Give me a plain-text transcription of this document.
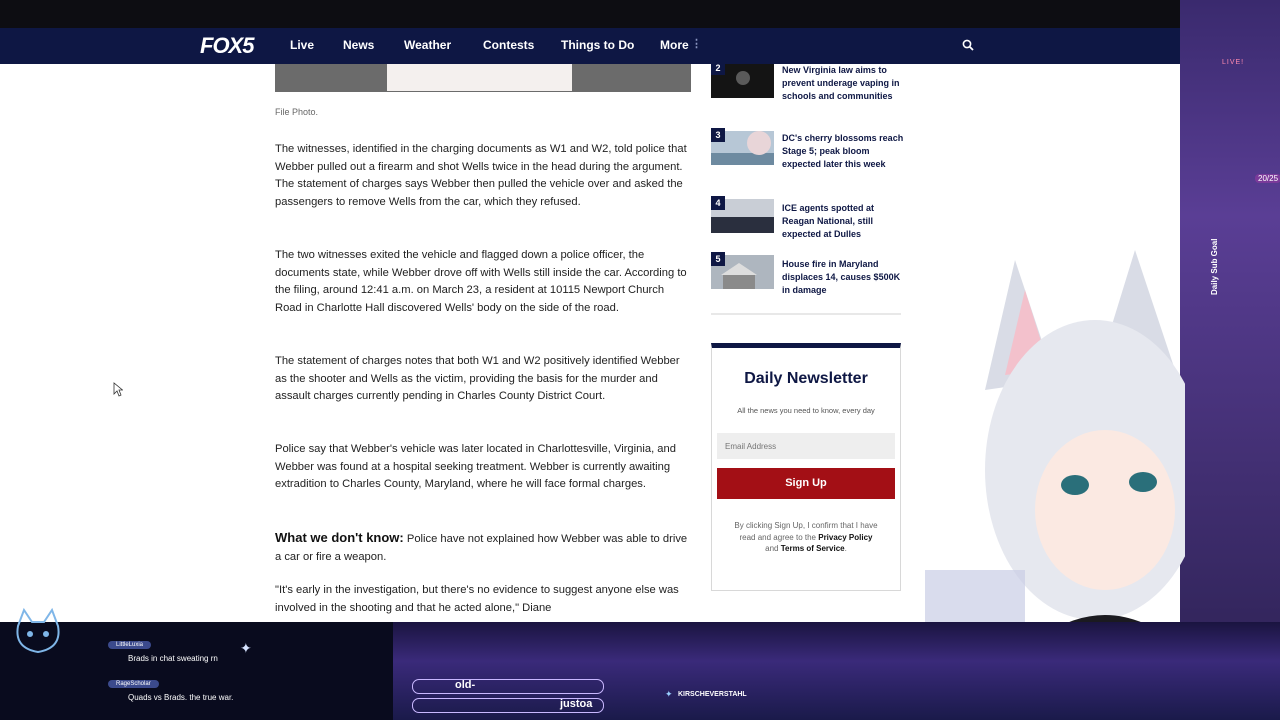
FOX5	Live News Weather	Contests Things to Do More ⋮
File Photo.

The witnesses, identified in the charging documents as W1 and W2, told police that Webber pulled out a firearm and shot Wells twice in the head during the argument. The statement of charges says Webber then pulled the vehicle over and asked the passengers to remove Wells from the car, which they refused.

The two witnesses exited the vehicle and flagged down a police officer, the documents state, while Webber drove off with Wells still inside the car. According to the filing, around 12:41 a.m. on March 23, a resident at 10115 Newport Church Road in Charlotte Hall discovered Wells' body on the side of the road.

The statement of charges notes that both W1 and W2 positively identified Webber as the shooter and Wells as the victim, providing the basis for the murder and assault charges currently pending in Charles County District Court.

Police say that Webber's vehicle was later located in Charlottesville, Virginia, and Webber was found at a hospital seeking treatment. Webber is currently awaiting extradition to Charles County, Maryland, where he will face formal charges.

What we don't know: Police have not explained how Webber was able to drive a car or fire a weapon.

"It's early in the investigation, but there's no evidence to suggest anyone else was involved in the shooting and that he acted alone," Diane

2	New Virginia law aims to prevent underage vaping in schools and communities
3	DC's cherry blossoms reach Stage 5; peak bloom expected later this week
4	ICE agents spotted at Reagan National, still expected at Dulles
5	House fire in Maryland displaces 14, causes $500K in damage
Daily Newsletter
All the news you need to know, every day
Email Address
Sign Up
By clicking Sign Up, I confirm that I have read and agree to the Privacy Policy
and Terms of Service.
LIVE!
Daily Sub Goal
20/25
LittleLuxia
Brads in chat sweating rn
RageScholar
Quads vs Brads. the true war.
✦
old-
justoa
KIRSCHEVERSTAHL
✦
